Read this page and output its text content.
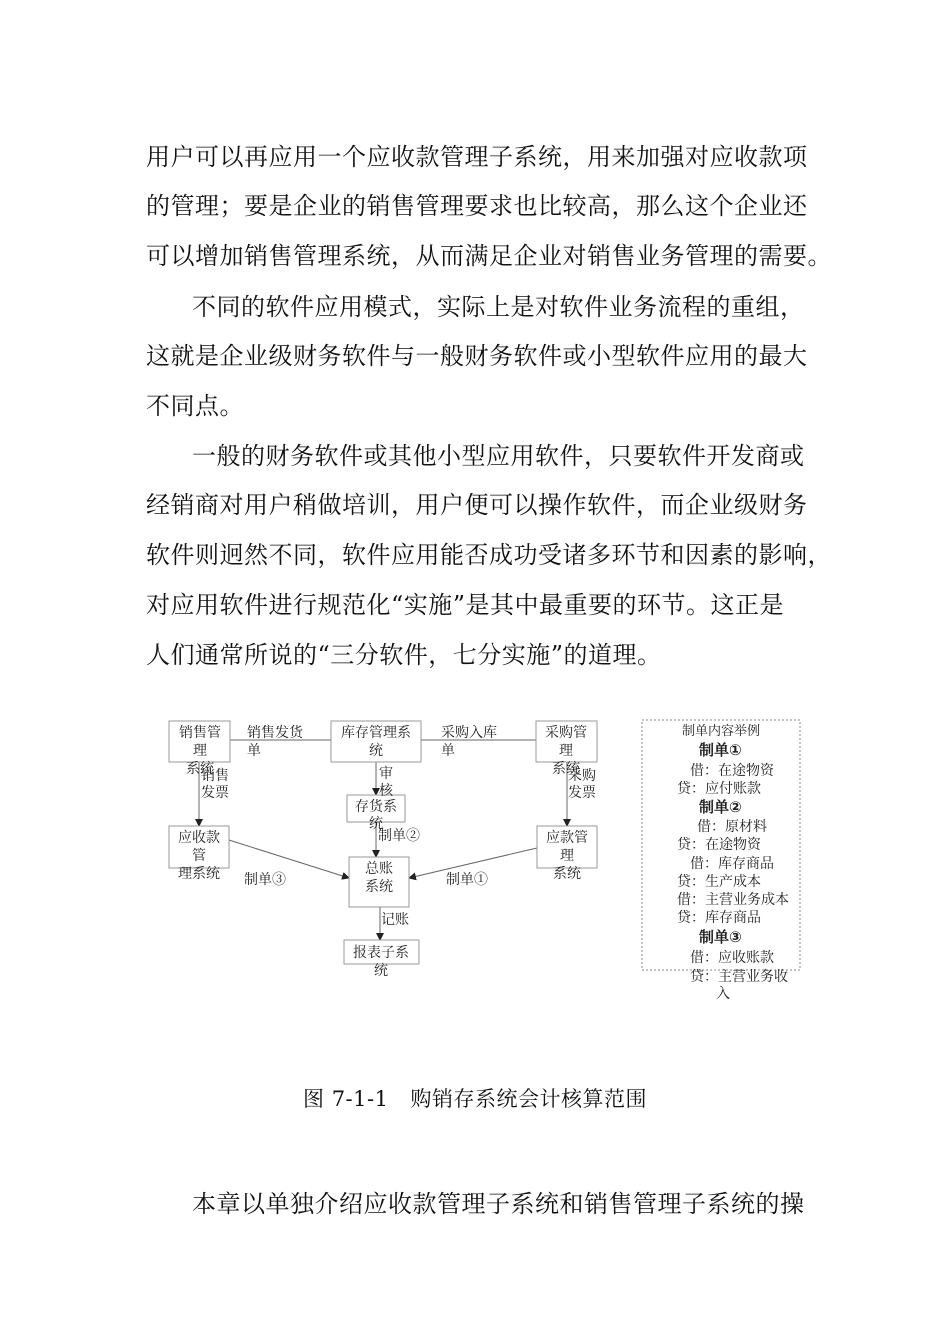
用户可以再应用一个应收款管理子系统，用来加强对应收款项
的管理；要是企业的销售管理要求也比较高，那么这个企业还
可以增加销售管理系统，从而满足企业对销售业务管理的需要。
不同的软件应用模式，实际上是对软件业务流程的重组，
这就是企业级财务软件与一般财务软件或小型软件应用的最大
不同点。
一般的财务软件或其他小型应用软件，只要软件开发商或
经销商对用户稍做培训，用户便可以操作软件，而企业级财务
软件则迥然不同，软件应用能否成功受诸多环节和因素的影响，
对应用软件进行规范化“实施”是其中最重要的环节。这正是
人们通常所说的“三分软件，七分实施”的道理。
销售管
理
系统
库存管理系
统
采购管
理
系统
存货系
统
应收款
管
理系统
应款管
理
系统
总账
系统
报表子系
统
销售发货
单
采购入库
单
销售
发票
采购
发票
审
核
制单②
制单③	制单①
记账
制单内容举例
制单①
借：在途物资
贷：应付账款
制单②
借：原材料
贷：在途物资
借：库存商品
贷：生产成本
借：主营业务成本
贷：库存商品
制单③
借：应收账款
贷：主营业务收
入
图 7-1-1 购销存系统会计核算范围
本章以单独介绍应收款管理子系统和销售管理子系统的操
